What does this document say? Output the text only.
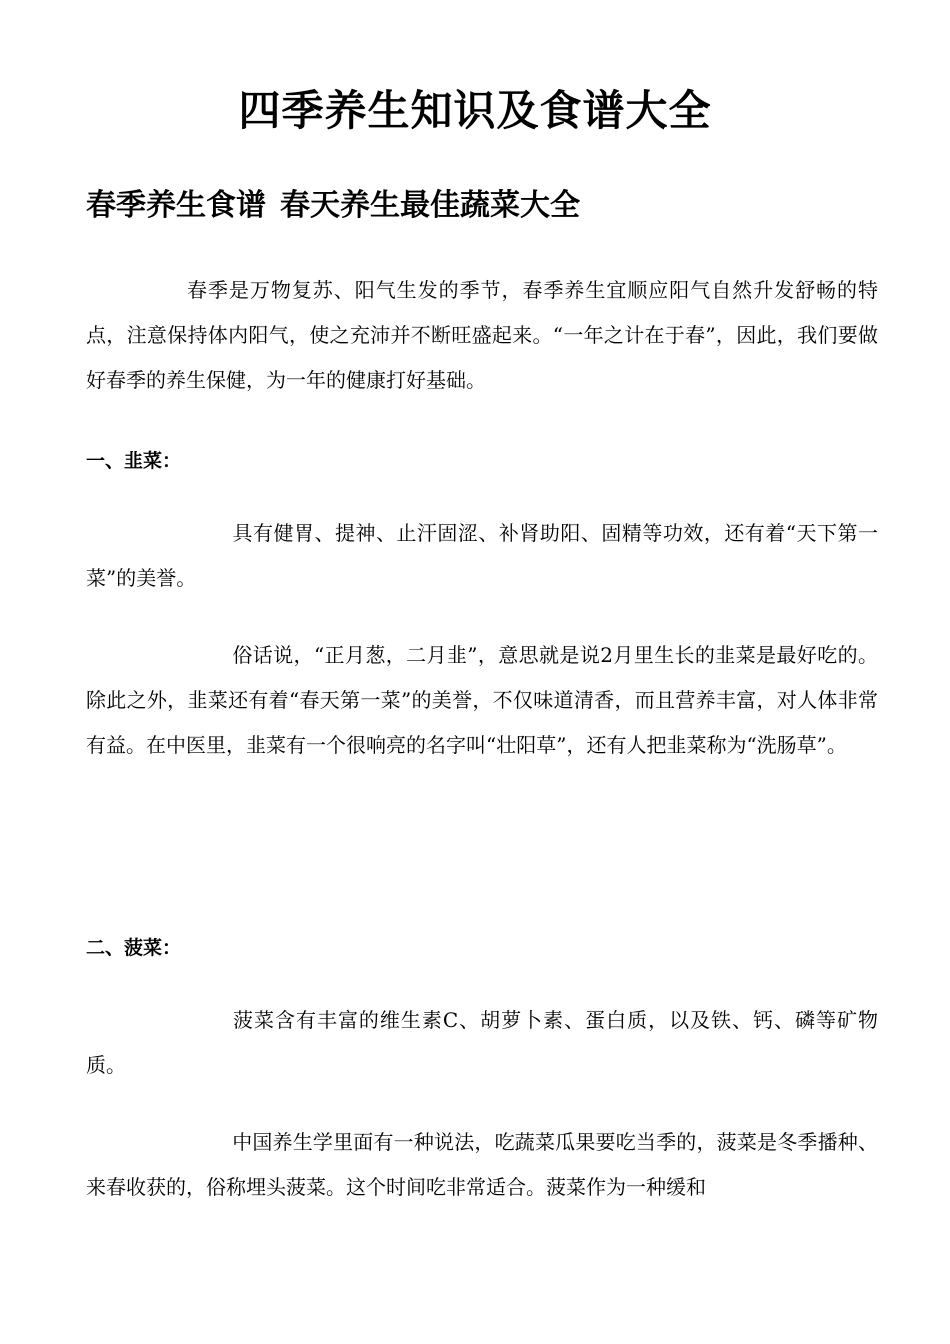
四季养生知识及食谱大全
春季养生食谱 春天养生最佳蔬菜大全
春季是万物复苏、阳气生发的季节，春季养生宜顺应阳气自然升发舒畅的特点，注意保持体内阳气，使之充沛并不断旺盛起来。“一年之计在于春”，因此，我们要做好春季的养生保健，为一年的健康打好基础。
一、韭菜：
具有健胃、提神、止汗固涩、补肾助阳、固精等功效，还有着“天下第一菜”的美誉。
俗话说，“正月葱，二月韭”，意思就是说2月里生长的韭菜是最好吃的。除此之外，韭菜还有着“春天第一菜”的美誉，不仅味道清香，而且营养丰富，对人体非常有益。在中医里，韭菜有一个很响亮的名字叫“壮阳草”，还有人把韭菜称为“洗肠草”。
二、菠菜：
菠菜含有丰富的维生素C、胡萝卜素、蛋白质，以及铁、钙、磷等矿物质。
中国养生学里面有一种说法，吃蔬菜瓜果要吃当季的，菠菜是冬季播种、来春收获的，俗称埋头菠菜。这个时间吃非常适合。菠菜作为一种缓和
